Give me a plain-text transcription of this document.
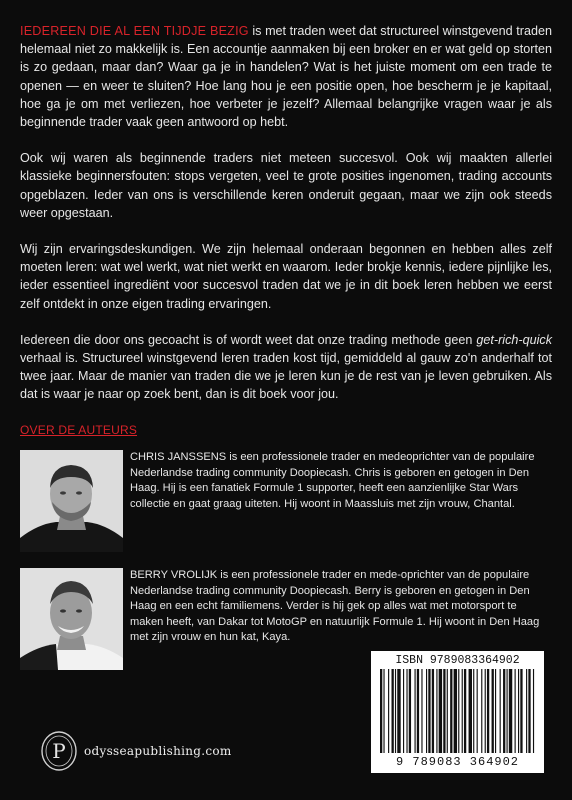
IEDEREEN DIE AL EEN TIJDJE BEZIG is met traden weet dat structureel winstgevend traden helemaal niet zo makkelijk is. Een accountje aanmaken bij een broker en er wat geld op storten is zo gedaan, maar dan? Waar ga je in handelen? Wat is het juiste moment om een trade te openen — en weer te sluiten? Hoe lang hou je een positie open, hoe bescherm je je kapitaal, hoe ga je om met verliezen, hoe verbeter je jezelf? Allemaal belangrijke vragen waar je als beginnende trader vaak geen antwoord op hebt.

Ook wij waren als beginnende traders niet meteen succesvol. Ook wij maakten allerlei klassieke beginnersfouten: stops vergeten, veel te grote posities ingenomen, trading accounts opgeblazen. Ieder van ons is verschillende keren onderuit gegaan, maar we zijn ook steeds weer opgestaan.

Wij zijn ervaringsdeskundigen. We zijn helemaal onderaan begonnen en hebben alles zelf moeten leren: wat wel werkt, wat niet werkt en waarom. Ieder brokje kennis, iedere pijnlijke les, ieder essentieel ingrediënt voor succesvol traden dat we je in dit boek leren hebben we eerst zelf ontdekt in onze eigen trading ervaringen.

Iedereen die door ons gecoacht is of wordt weet dat onze trading methode geen get-rich-quick verhaal is. Structureel winstgevend leren traden kost tijd, gemiddeld al gauw zo'n anderhalf tot twee jaar. Maar de manier van traden die we je leren kun je de rest van je leven gebruiken. Als dat is waar je naar op zoek bent, dan is dit boek voor jou.

OVER DE AUTEURS
CHRIS JANSSENS is een professionele trader en medeoprichter van de populaire Nederlandse trading community Doopiecash. Chris is geboren en getogen in Den Haag. Hij is een fanatiek Formule 1 supporter, heeft een aanzienlijke Star Wars collectie en gaat graag uiteten. Hij woont in Maassluis met zijn vrouw, Chantal.
BERRY VROLIJK is een professionele trader en mede-oprichter van de populaire Nederlandse trading community Doopiecash. Berry is geboren en getogen in Den Haag en een echt familiemens. Verder is hij gek op alles wat met motorsport te maken heeft, van Dakar tot MotoGP en natuurlijk Formule 1. Hij woont in Den Haag met zijn vrouw en hun kat, Kaya.
P odysseapublishing.com
ISBN 9789083364902
9 789083 364902
